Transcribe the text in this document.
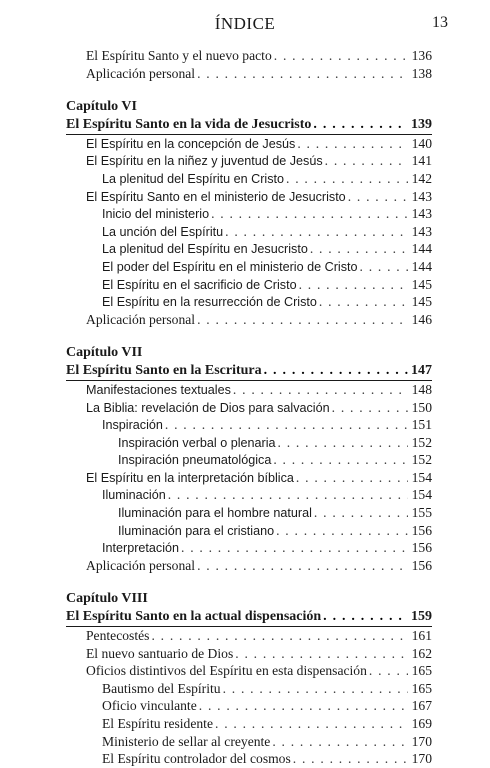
ÍNDICE	13
El Espíritu Santo y el nuevo pacto . . .	136
Aplicación personal . . .	138
Capítulo VI
El Espíritu Santo en la vida de Jesucristo . . .	139
El Espíritu en la concepción de Jesús . . .	140
El Espíritu en la niñez y juventud de Jesús . . .	141
La plenitud del Espíritu en Cristo . . .	142
El Espíritu Santo en el ministerio de Jesucristo . . .	143
Inicio del ministerio . . .	143
La unción del Espíritu . . .	143
La plenitud del Espíritu en Jesucristo . . .	144
El poder del Espíritu en el ministerio de Cristo . . .	144
El Espíritu en el sacrificio de Cristo . . .	145
El Espíritu en la resurrección de Cristo . . .	145
Aplicación personal . . .	146
Capítulo VII
El Espíritu Santo en la Escritura . . .	147
Manifestaciones textuales . . .	148
La Biblia: revelación de Dios para salvación . . .	150
Inspiración . . .	151
Inspiración verbal o plenaria . . .	152
Inspiración pneumatológica . . .	152
El Espíritu en la interpretación bíblica . . .	154
Iluminación . . .	154
Iluminación para el hombre natural . . .	155
Iluminación para el cristiano . . .	156
Interpretación . . .	156
Aplicación personal . . .	156
Capítulo VIII
El Espíritu Santo en la actual dispensación . . .	159
Pentecostés . . .	161
El nuevo santuario de Dios . . .	162
Oficios distintivos del Espíritu en esta dispensación . . .	165
Bautismo del Espíritu . . .	165
Oficio vinculante . . .	167
El Espíritu residente . . .	169
Ministerio de sellar al creyente . . .	170
El Espíritu controlador del cosmos . . .	170
